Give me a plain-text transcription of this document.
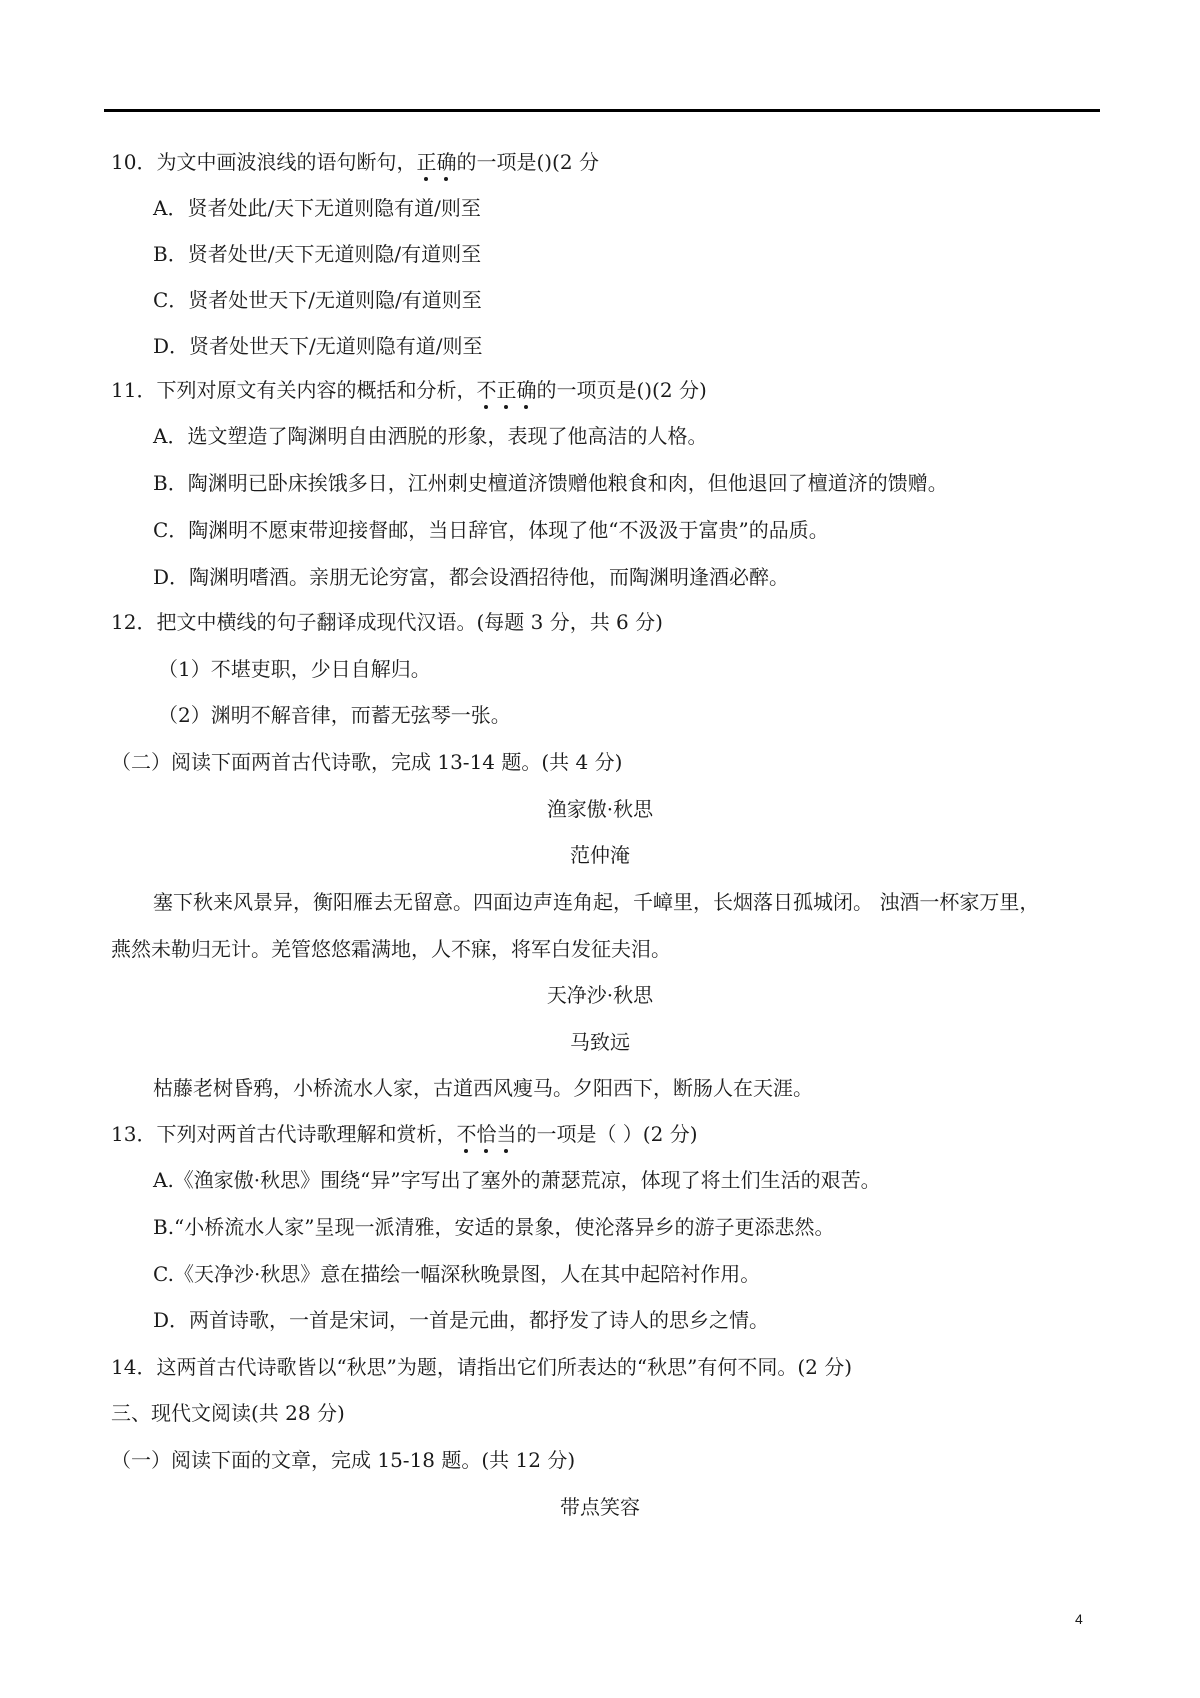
10．为文中画波浪线的语句断句，正确的一项是()(2 分
A．贤者处此/天下无道则隐有道/则至
B．贤者处世/天下无道则隐/有道则至
C．贤者处世天下/无道则隐/有道则至
D．贤者处世天下/无道则隐有道/则至
11．下列对原文有关内容的概括和分析，不正确的一项页是()(2 分)
A．选文塑造了陶渊明自由洒脱的形象，表现了他高洁的人格。
B．陶渊明已卧床挨饿多日，江州刺史檀道济馈赠他粮食和肉，但他退回了檀道济的馈赠。
C．陶渊明不愿束带迎接督邮，当日辞官，体现了他“不汲汲于富贵”的品质。
D．陶渊明嗜酒。亲朋无论穷富，都会设酒招待他，而陶渊明逢酒必醉。
12．把文中横线的句子翻译成现代汉语。(每题 3 分，共 6 分)
（1）不堪吏职，少日自解归。
（2）渊明不解音律，而蓄无弦琴一张。
（二）阅读下面两首古代诗歌，完成 13-14 题。(共 4 分)
渔家傲·秋思
范仲淹
塞下秋来风景异，衡阳雁去无留意。四面边声连角起，千嶂里，长烟落日孤城闭。 浊酒一杯家万里，
燕然未勒归无计。羌管悠悠霜满地，人不寐，将军白发征夫泪。
天净沙·秋思
马致远
枯藤老树昏鸦，小桥流水人家，古道西风瘦马。夕阳西下，断肠人在天涯。
13．下列对两首古代诗歌理解和赏析，不恰当的一项是（ ）(2 分)
A.《渔家傲·秋思》围绕“异”字写出了塞外的萧瑟荒凉，体现了将土们生活的艰苦。
B.“小桥流水人家”呈现一派清雅，安适的景象，使沦落异乡的游子更添悲然。
C.《天净沙·秋思》意在描绘一幅深秋晚景图，人在其中起陪衬作用。
D．两首诗歌，一首是宋词，一首是元曲，都抒发了诗人的思乡之情。
14．这两首古代诗歌皆以“秋思”为题，请指出它们所表达的“秋思”有何不同。(2 分)
三、现代文阅读(共 28 分)
（一）阅读下面的文章，完成 15-18 题。(共 12 分)
带点笑容
4
